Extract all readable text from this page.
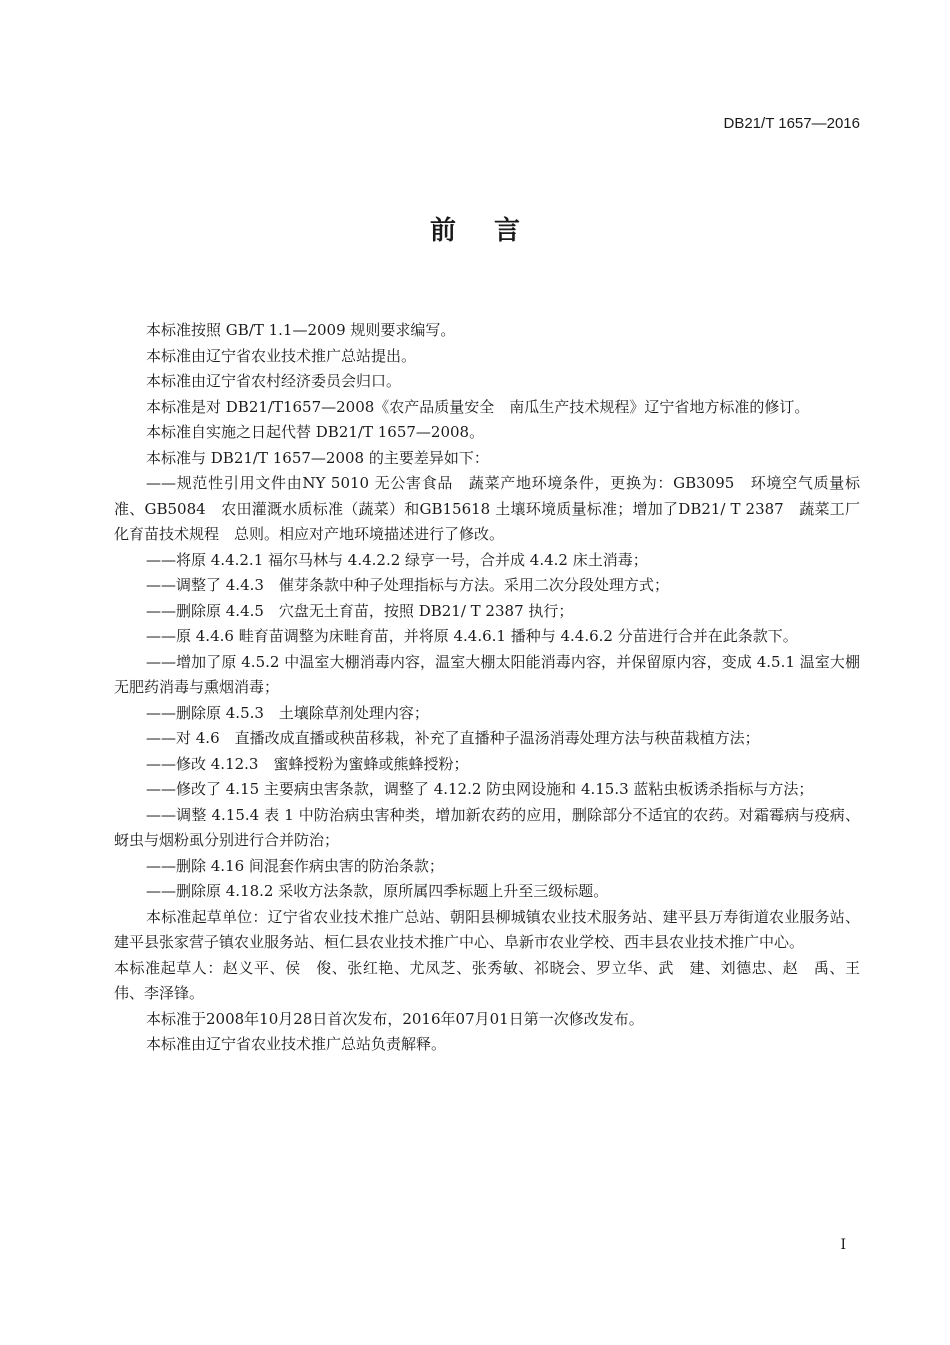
DB21/T 1657—2016
前言

本标准按照 GB/T 1.1—2009 规则要求编写。

本标准由辽宁省农业技术推广总站提出。

本标准由辽宁省农村经济委员会归口。

本标准是对 DB21/T1657—2008《农产品质量安全　南瓜生产技术规程》辽宁省地方标准的修订。

本标准自实施之日起代替 DB21/T 1657—2008。

本标准与 DB21/T 1657—2008 的主要差异如下：

——规范性引用文件由NY 5010 无公害食品　蔬菜产地环境条件，更换为：GB3095　环境空气质量标准、GB5084　农田灌溉水质标准（蔬菜）和GB15618 土壤环境质量标准；增加了DB21/ T 2387　蔬菜工厂化育苗技术规程　总则。相应对产地环境描述进行了修改。

——将原 4.4.2.1 福尔马林与 4.4.2.2 绿亨一号，合并成 4.4.2 床土消毒；

——调整了 4.4.3　催芽条款中种子处理指标与方法。采用二次分段处理方式；

——删除原 4.4.5　穴盘无土育苗，按照 DB21/ T 2387 执行；

——原 4.4.6 畦育苗调整为床畦育苗，并将原 4.4.6.1 播种与 4.4.6.2 分苗进行合并在此条款下。

——增加了原 4.5.2 中温室大棚消毒内容，温室大棚太阳能消毒内容，并保留原内容，变成 4.5.1 温室大棚无肥药消毒与熏烟消毒；

——删除原 4.5.3　土壤除草剂处理内容；

——对 4.6　直播改成直播或秧苗移栽，补充了直播种子温汤消毒处理方法与秧苗栽植方法；

——修改 4.12.3　蜜蜂授粉为蜜蜂或熊蜂授粉；

——修改了 4.15 主要病虫害条款，调整了 4.12.2 防虫网设施和 4.15.3 蓝粘虫板诱杀指标与方法；

——调整 4.15.4 表 1 中防治病虫害种类，增加新农药的应用，删除部分不适宜的农药。对霜霉病与疫病、蚜虫与烟粉虱分别进行合并防治；

——删除 4.16 间混套作病虫害的防治条款；

——删除原 4.18.2 采收方法条款，原所属四季标题上升至三级标题。

本标准起草单位：辽宁省农业技术推广总站、朝阳县柳城镇农业技术服务站、建平县万寿街道农业服务站、建平县张家营子镇农业服务站、桓仁县农业技术推广中心、阜新市农业学校、西丰县农业技术推广中心。

本标准起草人：赵义平、侯　俊、张红艳、尤凤芝、张秀敏、祁晓会、罗立华、武　建、刘德忠、赵　禹、王　伟、李泽锋。

本标准于2008年10月28日首次发布，2016年07月01日第一次修改发布。

本标准由辽宁省农业技术推广总站负责解释。

I
